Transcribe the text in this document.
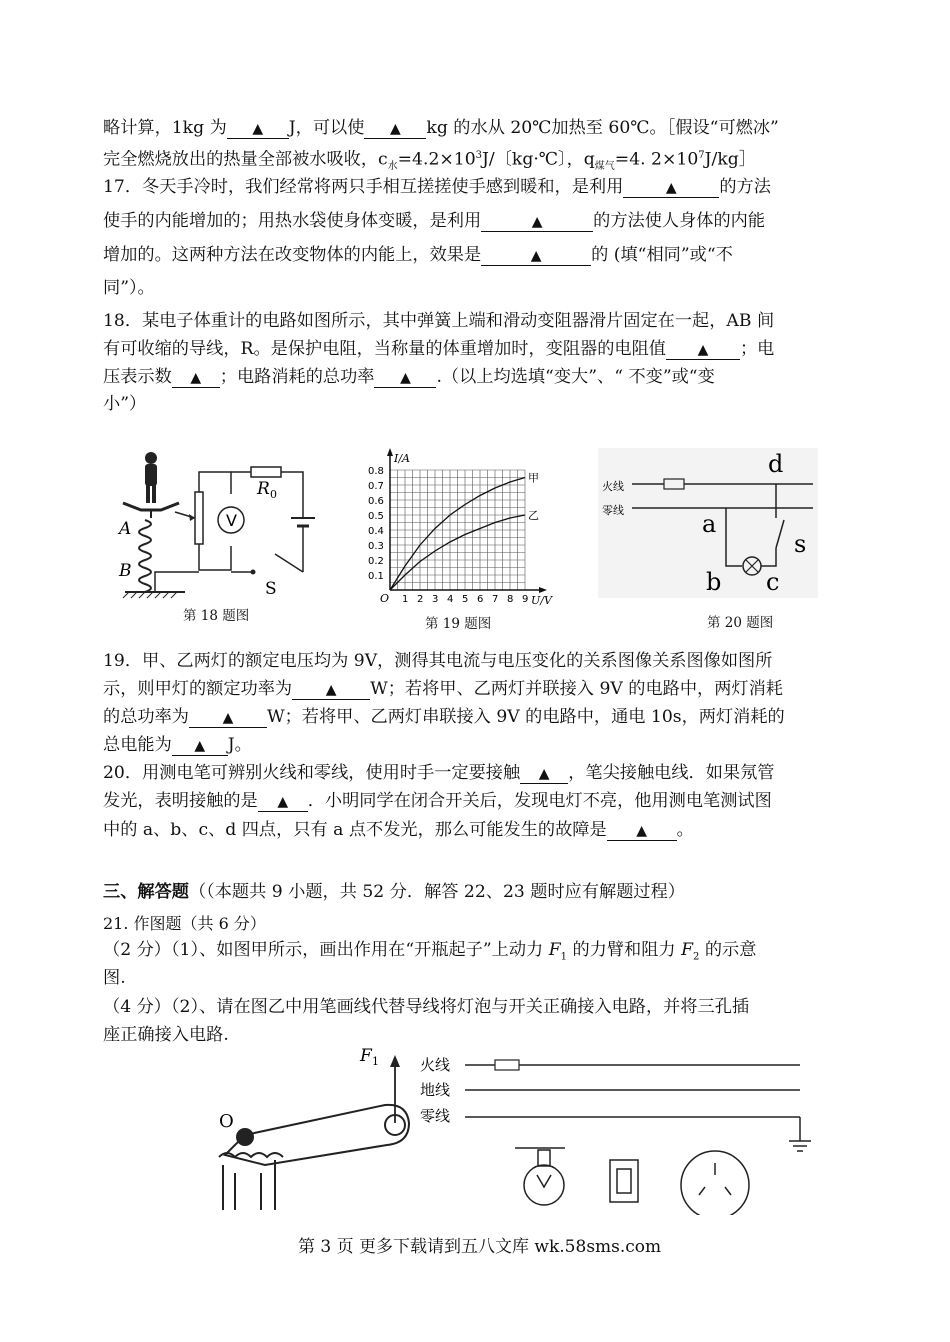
略计算，1kg 为 ▲ J，可以使 ▲ kg 的水从 20℃加热至 60℃。［假设“可燃冰”

完全燃烧放出的热量全部被水吸收，$c_水=4.2\times 10^3J/$〔kg·℃〕，$q_{煤气}=4$. $2\times 10^7J/kg]$

17．冬天手冷时，我们经常将两只手相互搓搓使手感到暖和，是利用	▲ 的方法

使手的内能增加的；用热水袋使身体变暖，是利用	▲	的方法使人身体的内能

增加的。这两种方法在改变物体的内能上，效果是	▲	的 (填“相同”或“不

同”）。

18．某电子体重计的电路如图所示，其中弹簧上端和滑动变阻器滑片固定在一起，AB 间

有可收缩的导线，R。是保护电阻，当称量的体重增加时，变阻器的电阻值 ▲ ；电

压表示数 ▲ ；电路消耗的总功率 ▲ .（以上均选填“变大”、“ 不变”或“变

小”）

V
R 0
A
B
S
第 18 题图
1 2 3 4 5 6 7 8 9
0.1
0.2
0.3
0.4
0.5
0.6
0.7
0.8
O
I/A
U/V
甲
乙
第 19 题图
火线
零线
d
a
b c
s
第 20 题图

19．甲、乙两灯的额定电压均为 9V，测得其电流与电压变化的关系图像关系图像如图所

示，则甲灯的额定功率为 ▲ W；若将甲、乙两灯并联接入 9V 的电路中，两灯消耗

的总功率为 ▲ W；若将甲、乙两灯串联接入 9V 的电路中，通电 10s，两灯消耗的

总电能为 ▲ J。

20．用测电笔可辨别火线和零线，使用时手一定要接触 ▲ ，笔尖接触电线．如果氖管

发光，表明接触的是 ▲ ．小明同学在闭合开关后，发现电灯不亮，他用测电笔测试图

中的 a、b、c、d 四点，只有 a 点不发光，那么可能发生的故障是 ▲ 。

三、解答题（（本题共 9 小题，共 52 分．解答 22、23 题时应有解题过程）

21. 作图题（共 6 分）

（2 分）（1）、如图甲所示，画出作用在“开瓶起子”上动力 $F_1$ 的力臂和阻力 $F_2$ 的示意

图.

（4 分）（2）、请在图乙中用笔画线代替导线将灯泡与开关正确接入电路，并将三孔插

座正确接入电路.

F 1
O
火线
地线
零线
第 3 页 更多下载请到五八文库 wk.58sms.com
